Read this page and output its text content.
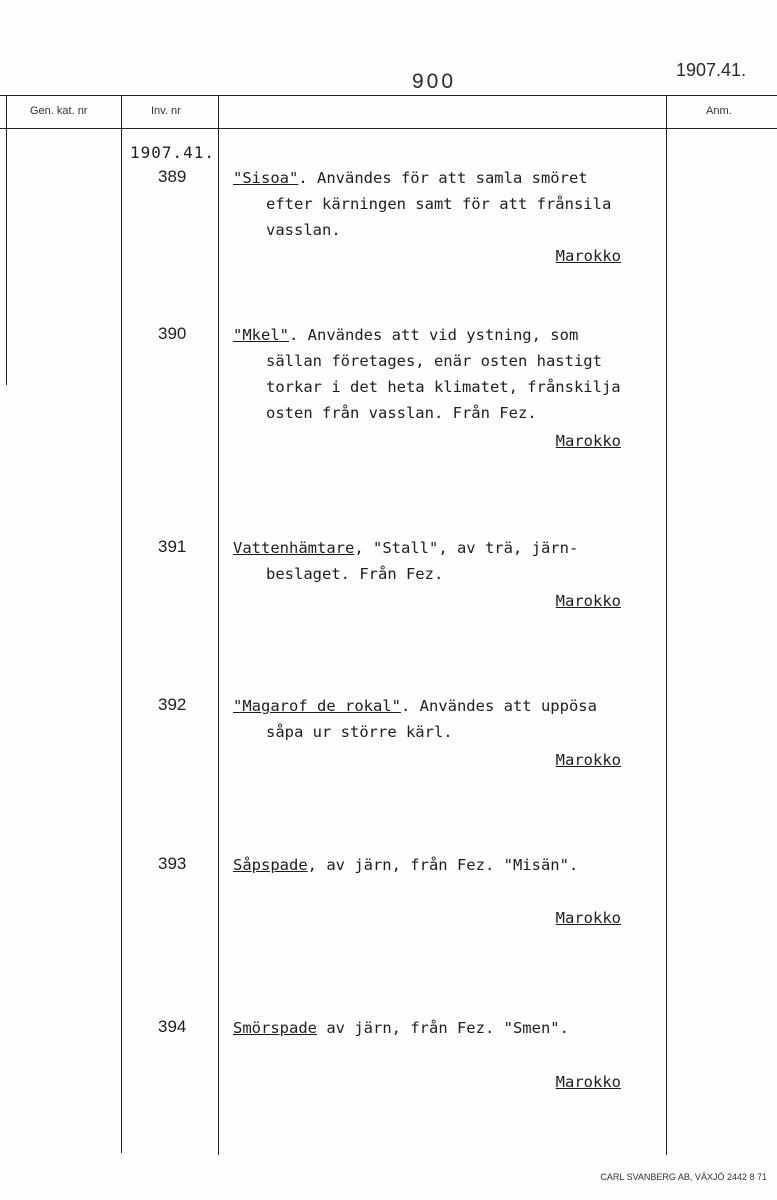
900	1907.41.
Gen. kat. nr	Inv. nr	Anm.
1907.41.
389	"Sisoa". Användes för att samla smöret
efter kärningen samt för att frånsila
vasslan.
Marokko
390	"Mkel". Användes att vid ystning, som
sällan företages, enär osten hastigt
torkar i det heta klimatet, frånskilja
osten från vasslan. Från Fez.
Marokko
391	Vattenhämtare, "Stall", av trä, järn-
beslaget. Från Fez.
Marokko
392	"Magarof de rokal". Användes att uppösa
såpa ur större kärl.
Marokko
393	Såpspade, av järn, från Fez. "Misän".
Marokko
394	Smörspade av järn, från Fez. "Smen".
Marokko
CARL SVANBERG AB, VÄXJÖ 2442 8 71
